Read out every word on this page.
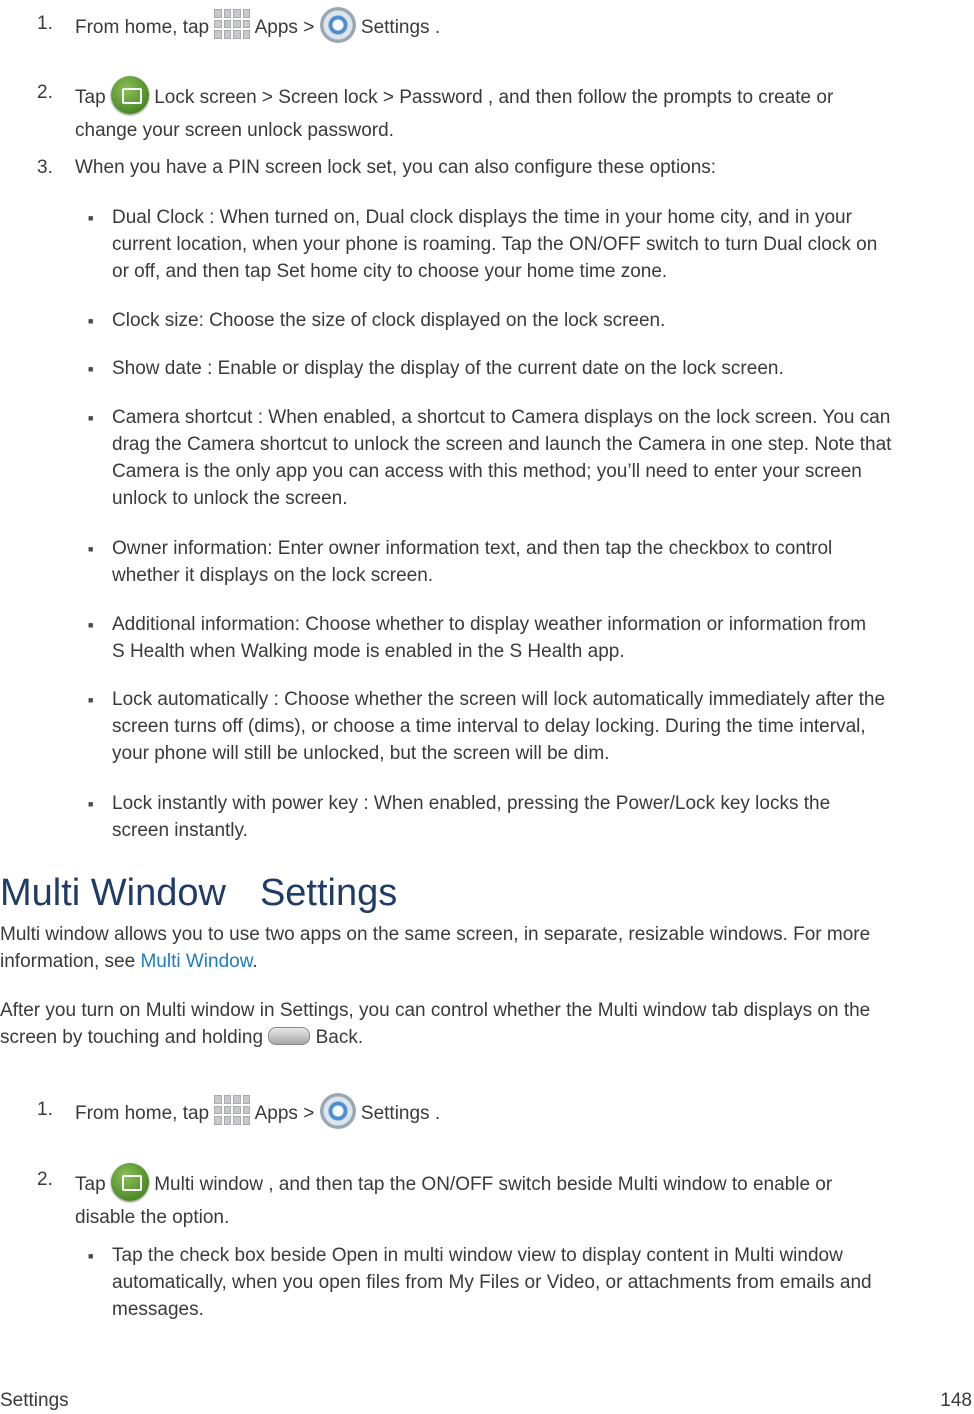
1. From home, tap Apps > Settings .
2. Tap	Lock screen > Screen lock > Password , and then follow the prompts to create or
change your screen unlock password.
3. When you have a PIN screen lock set, you can also configure these options:
■ Dual Clock : When turned on, Dual clock displays the time in your home city, and in your
current location, when your phone is roaming. Tap the ON/OFF switch to turn Dual clock on
or off, and then tap Set home city to choose your home time zone.
■ Clock size: Choose the size of clock displayed on the lock screen.
■ Show date : Enable or display the display of the current date on the lock screen.
■ Camera shortcut : When enabled, a shortcut to Camera displays on the lock screen. You can
drag the Camera shortcut to unlock the screen and launch the Camera in one step. Note that
Camera is the only app you can access with this method; you’ll need to enter your screen
unlock to unlock the screen.
■ Owner information: Enter owner information text, and then tap the checkbox to control
whether it displays on the lock screen.
■ Additional information: Choose whether to display weather information or information from
S Health when Walking mode is enabled in the S Health app.
■ Lock automatically : Choose whether the screen will lock automatically immediately after the
screen turns off (dims), or choose a time interval to delay locking. During the time interval,
your phone will still be unlocked, but the screen will be dim.
■ Lock instantly with power key : When enabled, pressing the Power/Lock key locks the
screen instantly.
Multi Window Settings
Multi window allows you to use two apps on the same screen, in separate, resizable windows. For more
information, see Multi Window.
After you turn on Multi window in Settings, you can control whether the Multi window tab displays on the
screen by touching and holding	Back.
1. From home, tap Apps > Settings .
2. Tap	Multi window , and then tap the ON/OFF switch beside Multi window to enable or
disable the option.
■ Tap the check box beside Open in multi window view to display content in Multi window
automatically, when you open files from My Files or Video, or attachments from emails and
messages.
Settings	148
